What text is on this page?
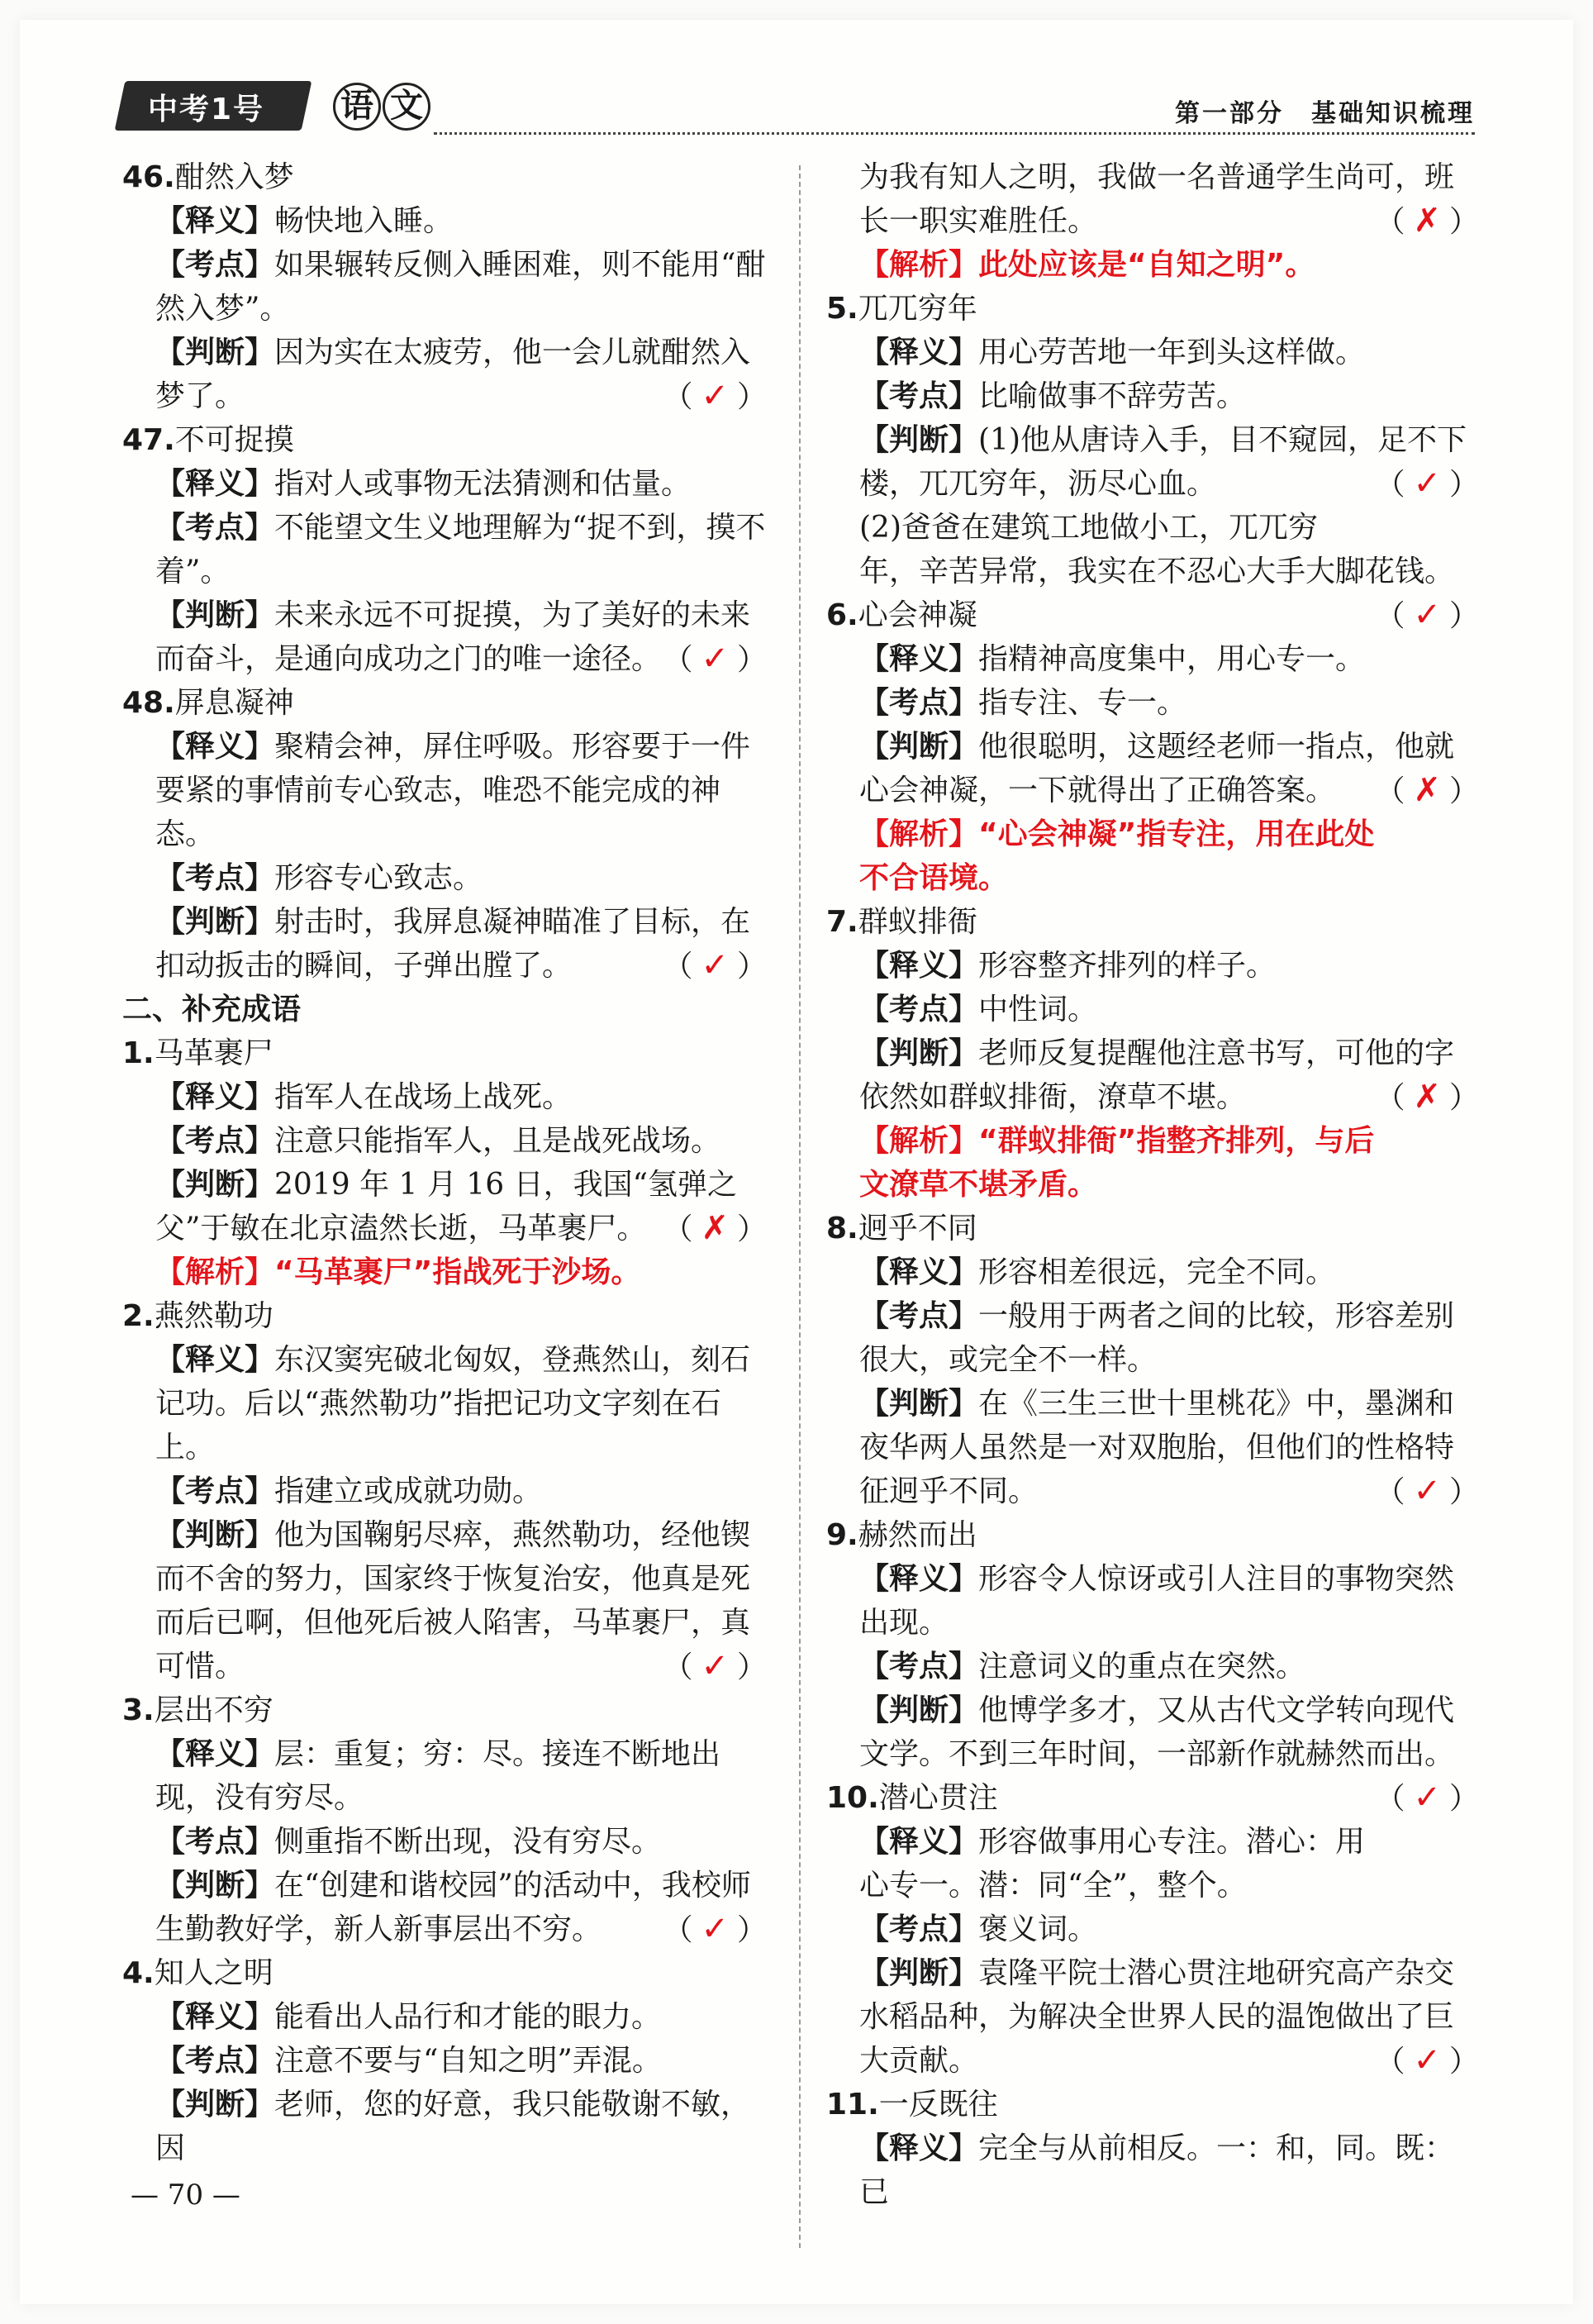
中考1号 语 文	第一部分　基础知识梳理
46.酣然入梦
【释义】畅快地入睡。
【考点】如果辗转反侧入睡困难，则不能用“酣然入梦”。
【判断】因为实在太疲劳，他一会儿就酣然入梦了。	（ ✓ ）
47.不可捉摸
【释义】指对人或事物无法猜测和估量。
【考点】不能望文生义地理解为“捉不到，摸不着”。
【判断】未来永远不可捉摸，为了美好的未来而奋斗，是通向成功之门的唯一途径。 （ ✓ ）
48.屏息凝神
【释义】聚精会神，屏住呼吸。形容要于一件要紧的事情前专心致志，唯恐不能完成的神态。
【考点】形容专心致志。
【判断】射击时，我屏息凝神瞄准了目标，在扣动扳击的瞬间，子弹出膛了。	（ ✓ ）
二、补充成语
1.马革裹尸
【释义】指军人在战场上战死。
【考点】注意只能指军人，且是战死战场。
【判断】2019 年 1 月 16 日，我国“氢弹之父”于敏在北京溘然长逝，马革裹尸。 （ ✗ ）
【解析】“马革裹尸”指战死于沙场。
2.燕然勒功
【释义】东汉窦宪破北匈奴，登燕然山，刻石记功。后以“燕然勒功”指把记功文字刻在石上。
【考点】指建立或成就功勋。
【判断】他为国鞠躬尽瘁，燕然勒功，经他锲而不舍的努力，国家终于恢复治安，他真是死而后已啊，但他死后被人陷害，马革裹尸，真可惜。	（ ✓ ）
3.层出不穷
【释义】层：重复；穷：尽。接连不断地出现，没有穷尽。
【考点】侧重指不断出现，没有穷尽。
【判断】在“创建和谐校园”的活动中，我校师生勤教好学，新人新事层出不穷。 （ ✓ ）
4.知人之明
【释义】能看出人品行和才能的眼力。
【考点】注意不要与“自知之明”弄混。
【判断】老师，您的好意，我只能敬谢不敏，因
为我有知人之明，我做一名普通学生尚可，班长一职实难胜任。	（ ✗ ）
【解析】此处应该是“自知之明”。
5.兀兀穷年
【释义】用心劳苦地一年到头这样做。
【考点】比喻做事不辞劳苦。
【判断】(1)他从唐诗入手，目不窥园，足不下楼，兀兀穷年，沥尽心血。	（ ✓ ）
(2)爸爸在建筑工地做小工，兀兀穷年，辛苦异常，我实在不忍心大手大脚花钱。
（ ✓ ）
6.心会神凝
【释义】指精神高度集中，用心专一。
【考点】指专注、专一。
【判断】他很聪明，这题经老师一指点，他就心会神凝，一下就得出了正确答案。 （ ✗ ）
【解析】“心会神凝”指专注，用在此处不合语境。
7.群蚁排衙
【释义】形容整齐排列的样子。
【考点】中性词。
【判断】老师反复提醒他注意书写，可他的字依然如群蚁排衙，潦草不堪。	（ ✗ ）
【解析】“群蚁排衙”指整齐排列，与后文潦草不堪矛盾。
8.迥乎不同
【释义】形容相差很远，完全不同。
【考点】一般用于两者之间的比较，形容差别很大，或完全不一样。
【判断】在《三生三世十里桃花》中，墨渊和夜华两人虽然是一对双胞胎，但他们的性格特征迥乎不同。	（ ✓ ）
9.赫然而出
【释义】形容令人惊讶或引人注目的事物突然出现。
【考点】注意词义的重点在突然。
【判断】他博学多才，又从古代文学转向现代文学。不到三年时间，一部新作就赫然而出。
（ ✓ ）
10.潜心贯注
【释义】形容做事用心专注。潜心：用心专一。潜：同“全”，整个。
【考点】褒义词。
【判断】袁隆平院士潜心贯注地研究高产杂交水稻品种，为解决全世界人民的温饱做出了巨大贡献。	（ ✓ ）
11.一反既往
【释义】完全与从前相反。一：和，同。既：已
— 70 —
